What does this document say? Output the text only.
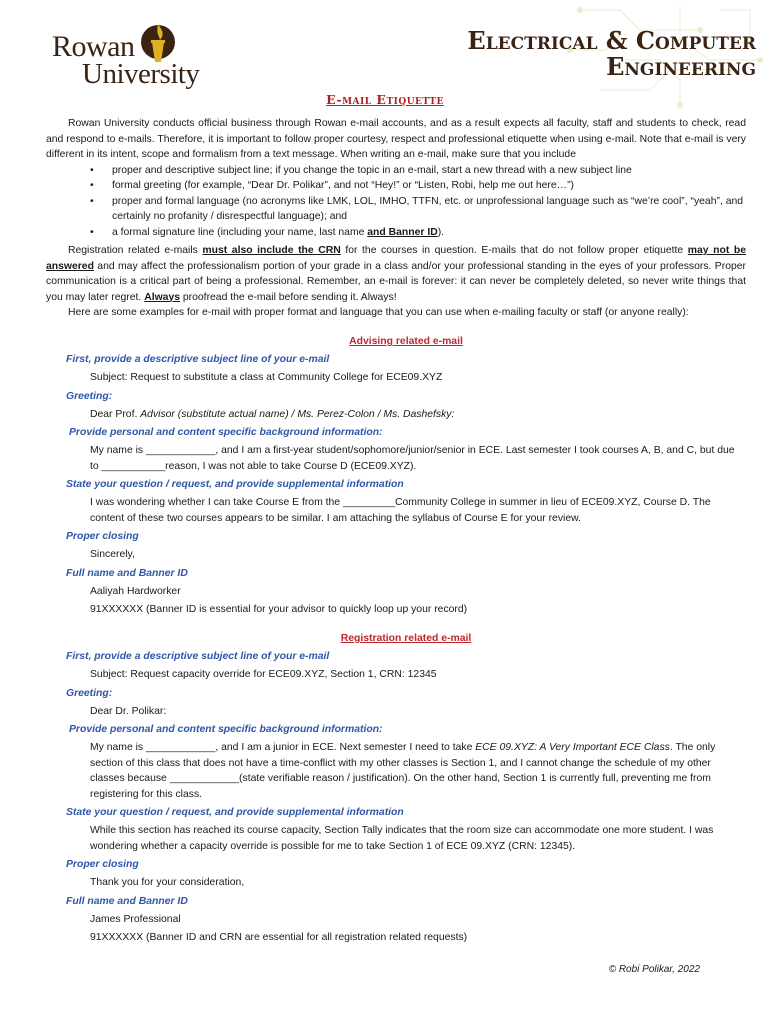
Rowan
University
Electrical & Computer
Engineering
E-mail Etiquette

Rowan University conducts official business through Rowan e-mail accounts, and as a result expects all faculty, staff and students to check, read and respond to e-mails. Therefore, it is important to follow proper courtesy, respect and professional etiquette when using e-mail. Note that e-mail is very different in its intent, scope and formalism from a text message. When writing an e-mail, make sure that you include

• proper and descriptive subject line; if you change the topic in an e-mail, start a new thread with a new subject line
• formal greeting (for example, “Dear Dr. Polikar”, and not “Hey!” or “Listen, Robi, help me out here…”)
• proper and formal language (no acronyms like LMK, LOL, IMHO, TTFN, etc. or unprofessional language such as “we’re cool”, “yeah”, and certainly no profanity / disrespectful language); and
• a formal signature line (including your name, last name and Banner ID).

Registration related e-mails must also include the CRN for the courses in question. E-mails that do not follow proper etiquette may not be answered and may affect the professionalism portion of your grade in a class and/or your professional standing in the eyes of your professors. Proper communication is a critical part of being a professional. Remember, an e-mail is forever: it can never be completely deleted, so never write things that you may later regret. Always proofread the e-mail before sending it. Always!

Here are some examples for e-mail with proper format and language that you can use when e-mailing faculty or staff (or anyone really):

Advising related e-mail
First, provide a descriptive subject line of your e-mail
Subject: Request to substitute a class at Community College for ECE09.XYZ
Greeting:
Dear Prof. Advisor (substitute actual name) / Ms. Perez-Colon / Ms. Dashefsky:
Provide personal and content specific background information:
My name is ____________, and I am a first-year student/sophomore/junior/senior in ECE. Last semester I took courses A, B, and C, but due to ___________reason, I was not able to take Course D (ECE09.XYZ).
State your question / request, and provide supplemental information
I was wondering whether I can take Course E from the _________Community College in summer in lieu of ECE09.XYZ, Course D. The content of these two courses appears to be similar. I am attaching the syllabus of Course E for your review.
Proper closing
Sincerely,
Full name and Banner ID
Aaliyah Hardworker
91XXXXXX (Banner ID is essential for your advisor to quickly loop up your record)
Registration related e-mail
First, provide a descriptive subject line of your e-mail
Subject: Request capacity override for ECE09.XYZ, Section 1, CRN: 12345
Greeting:
Dear Dr. Polikar:
Provide personal and content specific background information:
My name is ____________, and I am a junior in ECE. Next semester I need to take ECE 09.XYZ: A Very Important ECE Class. The only section of this class that does not have a time-conflict with my other classes is Section 1, and I cannot change the schedule of my other classes because ____________(state verifiable reason / justification). On the other hand, Section 1 is currently full, preventing me from registering for this class.
State your question / request, and provide supplemental information
While this section has reached its course capacity, Section Tally indicates that the room size can accommodate one more student. I was wondering whether a capacity override is possible for me to take Section 1 of ECE 09.XYZ (CRN: 12345).
Proper closing
Thank you for your consideration,
Full name and Banner ID
James Professional
91XXXXXX (Banner ID and CRN are essential for all registration related requests)
© Robi Polikar, 2022
